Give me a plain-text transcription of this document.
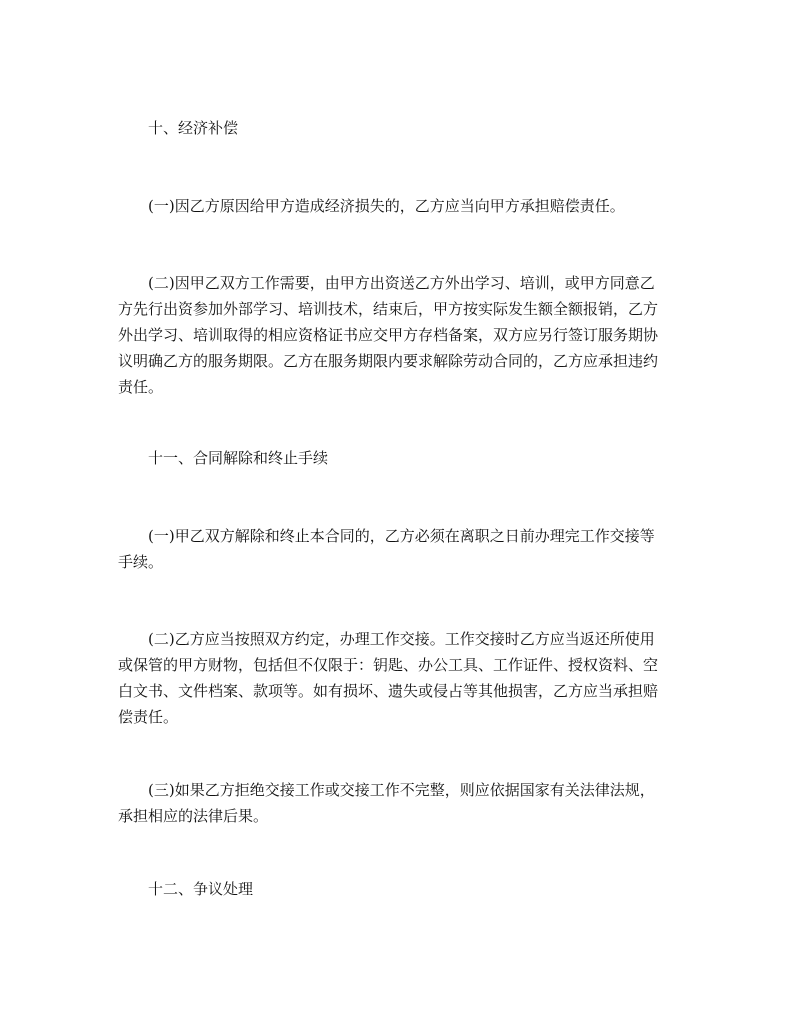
十、经济补偿

(一)因乙方原因给甲方造成经济损失的，乙方应当向甲方承担赔偿责任。

(二)因甲乙双方工作需要，由甲方出资送乙方外出学习、培训，或甲方同意乙方先行出资参加外部学习、培训技术，结束后，甲方按实际发生额全额报销，乙方外出学习、培训取得的相应资格证书应交甲方存档备案，双方应另行签订服务期协议明确乙方的服务期限。乙方在服务期限内要求解除劳动合同的，乙方应承担违约责任。

十一、合同解除和终止手续

(一)甲乙双方解除和终止本合同的，乙方必须在离职之日前办理完工作交接等手续。

(二)乙方应当按照双方约定，办理工作交接。工作交接时乙方应当返还所使用或保管的甲方财物，包括但不仅限于：钥匙、办公工具、工作证件、授权资料、空白文书、文件档案、款项等。如有损坏、遗失或侵占等其他损害，乙方应当承担赔偿责任。

(三)如果乙方拒绝交接工作或交接工作不完整，则应依据国家有关法律法规，承担相应的法律后果。

十二、争议处理
